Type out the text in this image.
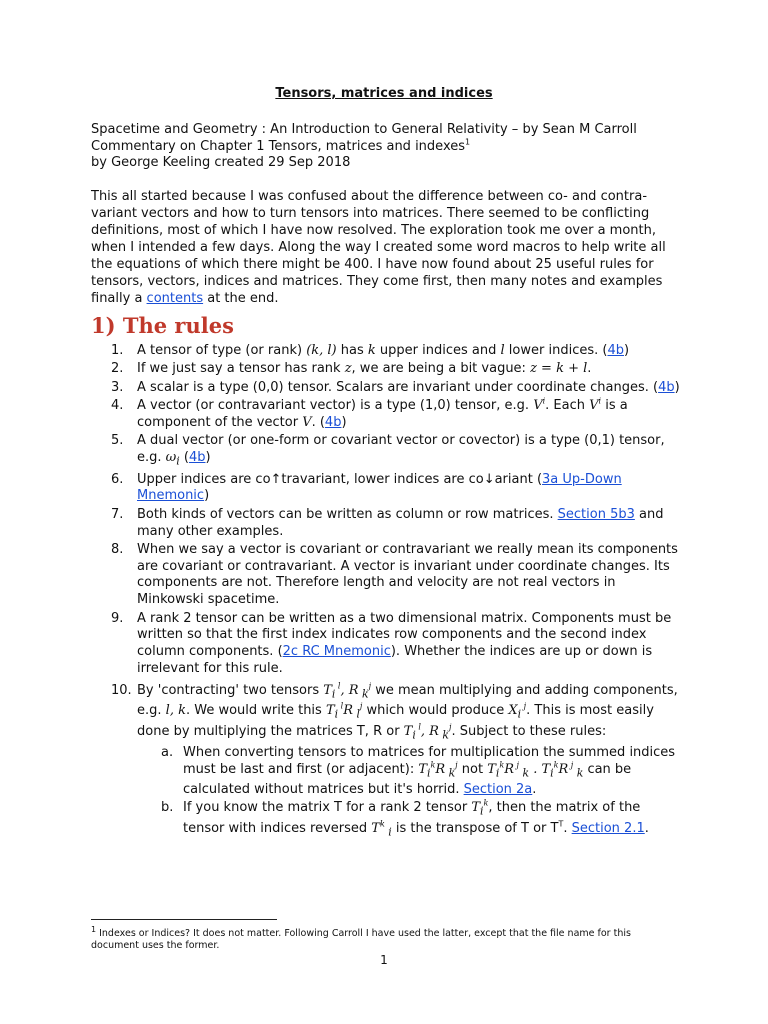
Tensors, matrices and indices
Spacetime and Geometry : An Introduction to General Relativity – by Sean M Carroll
Commentary on Chapter 1 Tensors, matrices and indexes$^1$
by George Keeling created 29 Sep 2018
This all started because I was confused about the difference between co- and contra-variant vectors and how to turn tensors into matrices. There seemed to be conflicting definitions, most of which I have now resolved. The exploration took me over a month, when I intended a few days. Along the way I created some word macros to help write all the equations of which there might be 400. I have now found about 25 useful rules for tensors, vectors, indices and matrices. They come first, then many notes and examples finally a contents at the end.
1) The rules
1. A tensor of type (or rank) (k, l) has k upper indices and l lower indices. (4b)
2. If we just say a tensor has rank z, we are being a bit vague: z = k + l.
3. A scalar is a type (0,0) tensor. Scalars are invariant under coordinate changes. (4b)
4. A vector (or contravariant vector) is a type (1,0) tensor, e.g. $V^i$. Each $V^i$ is a component of the vector V. (4b)
5. A dual vector (or one-form or covariant vector or covector) is a type (0,1) tensor, e.g. $\omega_i$ (4b)
6. Upper indices are co↑travariant, lower indices are co↓ariant (3a Up-Down Mnemonic)
7. Both kinds of vectors can be written as column or row matrices. Section 5b3 and many other examples.
8. When we say a vector is covariant or contravariant we really mean its components are covariant or contravariant. A vector is invariant under coordinate changes. Its components are not. Therefore length and velocity are not real vectors in Minkowski spacetime.
9. A rank 2 tensor can be written as a two dimensional matrix. Components must be written so that the first index indicates row components and the second index column components. (2c RC Mnemonic). Whether the indices are up or down is irrelevant for this rule.
10. By 'contracting' two tensors $T_i$ $^l$, R $_k^j$ we mean multiplying and adding components, e.g. l, k. We would write this $T_i$ $^l$R $_l^j$ which would produce $X_i$ $^j$. This is most easily done by multiplying the matrices T, R or $T_i$ $^l$, R $_k^j$. Subject to these rules:
a. When converting tensors to matrices for multiplication the summed indices must be last and first (or adjacent): $T_i^kR$ $_k^j$ not $T_i^kR$ $^j$ $_k$ . $T_i^kR$ $^j$ $_k$ can be calculated without matrices but it's horrid. Section 2a.
b. If you know the matrix T for a rank 2 tensor $T_i^k$, then the matrix of the tensor with indices reversed $T^k$ $_i$ is the transpose of T or $T^T$. Section 2.1.
$^1$ Indexes or Indices? It does not matter. Following Carroll I have used the latter, except that the file name for this document uses the former.
1
